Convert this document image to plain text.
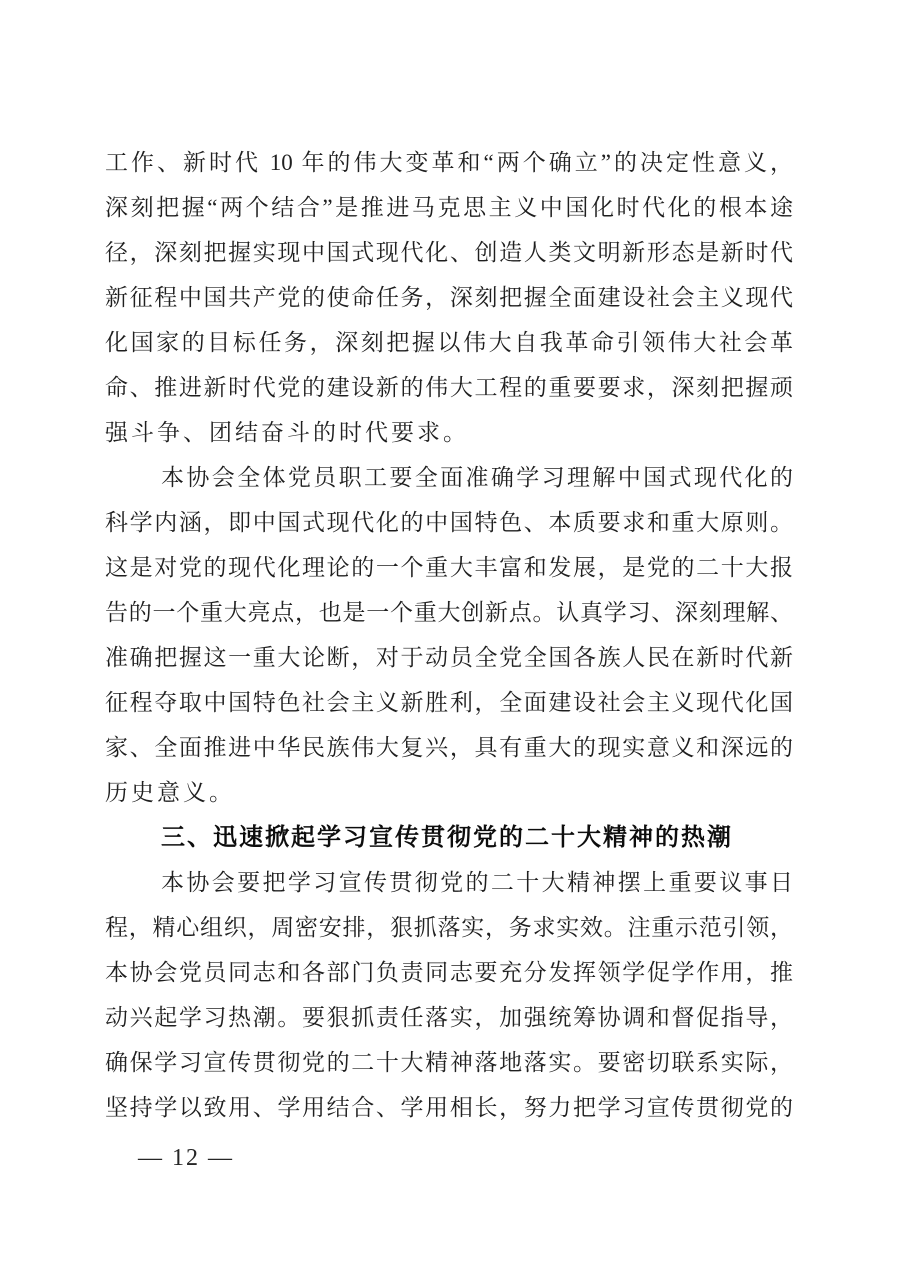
工作、新时代 10 年的伟大变革和“两个确立”的决定性意义，
深刻把握“两个结合”是推进马克思主义中国化时代化的根本途
径，深刻把握实现中国式现代化、创造人类文明新形态是新时代
新征程中国共产党的使命任务，深刻把握全面建设社会主义现代
化国家的目标任务，深刻把握以伟大自我革命引领伟大社会革
命、推进新时代党的建设新的伟大工程的重要要求，深刻把握顽
强斗争、团结奋斗的时代要求。
本协会全体党员职工要全面准确学习理解中国式现代化的
科学内涵，即中国式现代化的中国特色、本质要求和重大原则。
这是对党的现代化理论的一个重大丰富和发展，是党的二十大报
告的一个重大亮点，也是一个重大创新点。认真学习、深刻理解、
准确把握这一重大论断，对于动员全党全国各族人民在新时代新
征程夺取中国特色社会主义新胜利，全面建设社会主义现代化国
家、全面推进中华民族伟大复兴，具有重大的现实意义和深远的
历史意义。
三、迅速掀起学习宣传贯彻党的二十大精神的热潮
本协会要把学习宣传贯彻党的二十大精神摆上重要议事日
程，精心组织，周密安排，狠抓落实，务求实效。注重示范引领，
本协会党员同志和各部门负责同志要充分发挥领学促学作用，推
动兴起学习热潮。要狠抓责任落实，加强统筹协调和督促指导，
确保学习宣传贯彻党的二十大精神落地落实。要密切联系实际，
坚持学以致用、学用结合、学用相长，努力把学习宣传贯彻党的
— 12 —
